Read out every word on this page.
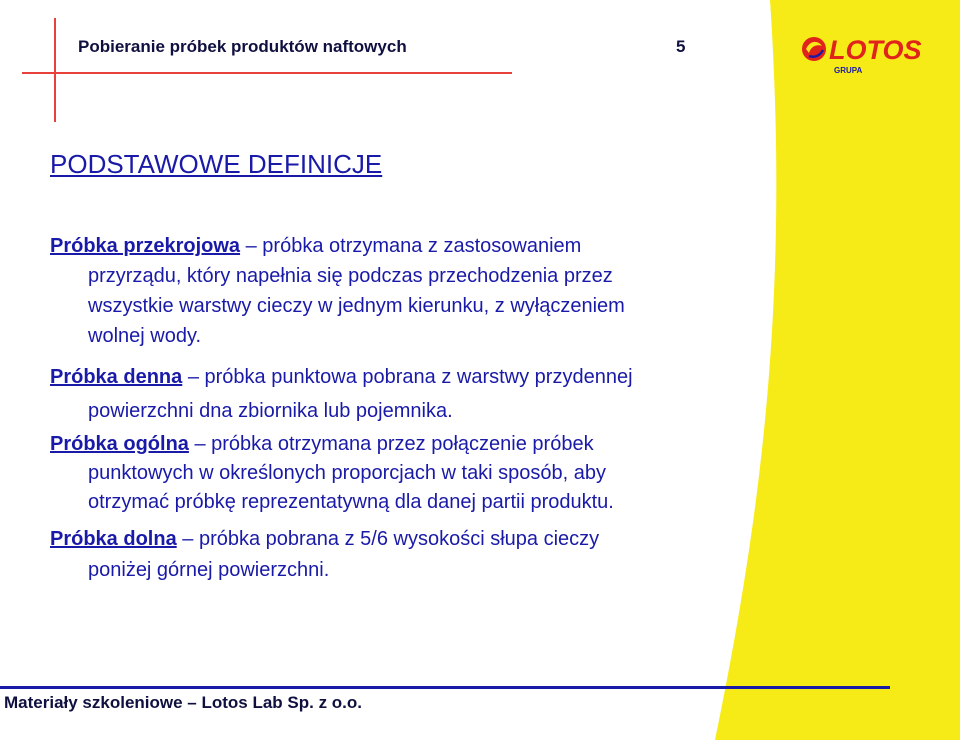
Pobieranie próbek produktów naftowych	5	LOTOS
GRUPA
PODSTAWOWE DEFINICJE
Próbka przekrojowa – próbka otrzymana z zastosowaniem
przyrządu, który napełnia się podczas przechodzenia przez
wszystkie warstwy cieczy w jednym kierunku, z wyłączeniem
wolnej wody.
Próbka denna – próbka punktowa pobrana z warstwy przydennej
powierzchni dna zbiornika lub pojemnika.
Próbka ogólna – próbka otrzymana przez połączenie próbek
punktowych w określonych proporcjach w taki sposób, aby
otrzymać próbkę reprezentatywną dla danej partii produktu.
Próbka dolna – próbka pobrana z 5/6 wysokości słupa cieczy
poniżej górnej powierzchni.
Materiały szkoleniowe – Lotos Lab Sp. z o.o.
